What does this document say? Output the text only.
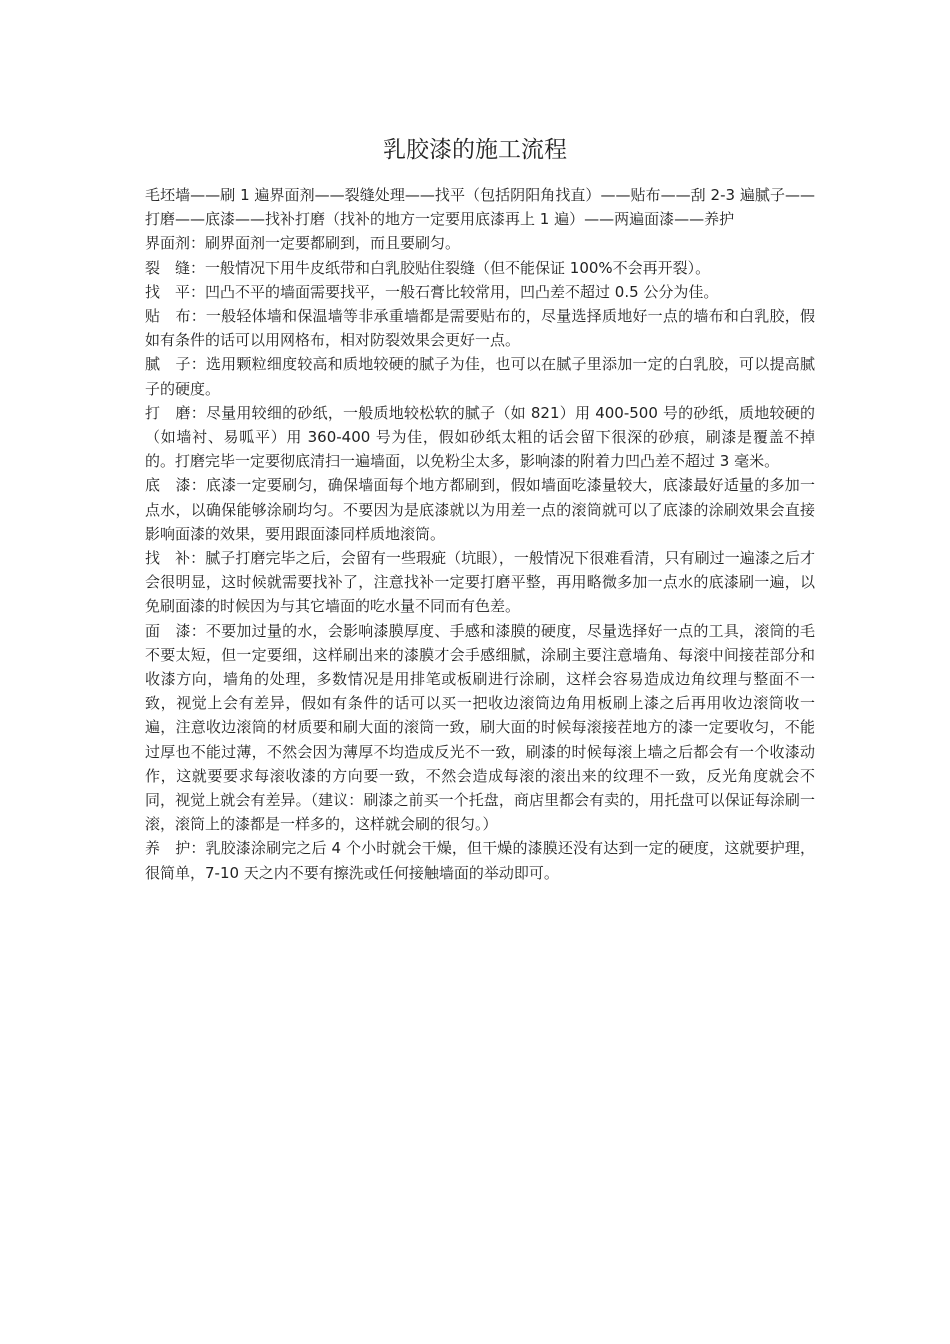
乳胶漆的施工流程

毛坯墙——刷 1 遍界面剂——裂缝处理——找平（包括阴阳角找直）——贴布——刮 2-3 遍腻子——打磨——底漆——找补打磨（找补的地方一定要用底漆再上 1 遍）——两遍面漆——养护

界面剂：刷界面剂一定要都刷到，而且要刷匀。

裂　缝：一般情况下用牛皮纸带和白乳胶贴住裂缝（但不能保证 100%不会再开裂）。

找　平：凹凸不平的墙面需要找平，一般石膏比较常用，凹凸差不超过 0.5 公分为佳。

贴　布：一般轻体墙和保温墙等非承重墙都是需要贴布的，尽量选择质地好一点的墙布和白乳胶，假如有条件的话可以用网格布，相对防裂效果会更好一点。

腻　子：选用颗粒细度较高和质地较硬的腻子为佳，也可以在腻子里添加一定的白乳胶，可以提高腻子的硬度。

打　磨：尽量用较细的砂纸，一般质地较松软的腻子（如 821）用 400-500 号的砂纸，质地较硬的（如墙衬、易呱平）用 360-400 号为佳，假如砂纸太粗的话会留下很深的砂痕，刷漆是覆盖不掉的。打磨完毕一定要彻底清扫一遍墙面，以免粉尘太多，影响漆的附着力凹凸差不超过 3 毫米。

底　漆：底漆一定要刷匀，确保墙面每个地方都刷到，假如墙面吃漆量较大，底漆最好适量的多加一点水，以确保能够涂刷均匀。不要因为是底漆就以为用差一点的滚筒就可以了底漆的涂刷效果会直接影响面漆的效果，要用跟面漆同样质地滚筒。

找　补：腻子打磨完毕之后，会留有一些瑕疵（坑眼），一般情况下很难看清，只有刷过一遍漆之后才会很明显，这时候就需要找补了，注意找补一定要打磨平整，再用略微多加一点水的底漆刷一遍，以免刷面漆的时候因为与其它墙面的吃水量不同而有色差。

面　漆：不要加过量的水，会影响漆膜厚度、手感和漆膜的硬度，尽量选择好一点的工具，滚筒的毛不要太短，但一定要细，这样刷出来的漆膜才会手感细腻，涂刷主要注意墙角、每滚中间接茬部分和收漆方向，墙角的处理，多数情况是用排笔或板刷进行涂刷，这样会容易造成边角纹理与整面不一致，视觉上会有差异，假如有条件的话可以买一把收边滚筒边角用板刷上漆之后再用收边滚筒收一遍，注意收边滚筒的材质要和刷大面的滚筒一致，刷大面的时候每滚接茬地方的漆一定要收匀，不能过厚也不能过薄，不然会因为薄厚不均造成反光不一致，刷漆的时候每滚上墙之后都会有一个收漆动作，这就要要求每滚收漆的方向要一致，不然会造成每滚的滚出来的纹理不一致，反光角度就会不同，视觉上就会有差异。（建议：刷漆之前买一个托盘，商店里都会有卖的，用托盘可以保证每涂刷一滚，滚筒上的漆都是一样多的，这样就会刷的很匀。）

养　护：乳胶漆涂刷完之后 4 个小时就会干燥，但干燥的漆膜还没有达到一定的硬度，这就要护理，很简单，7-10 天之内不要有擦洗或任何接触墙面的举动即可。
